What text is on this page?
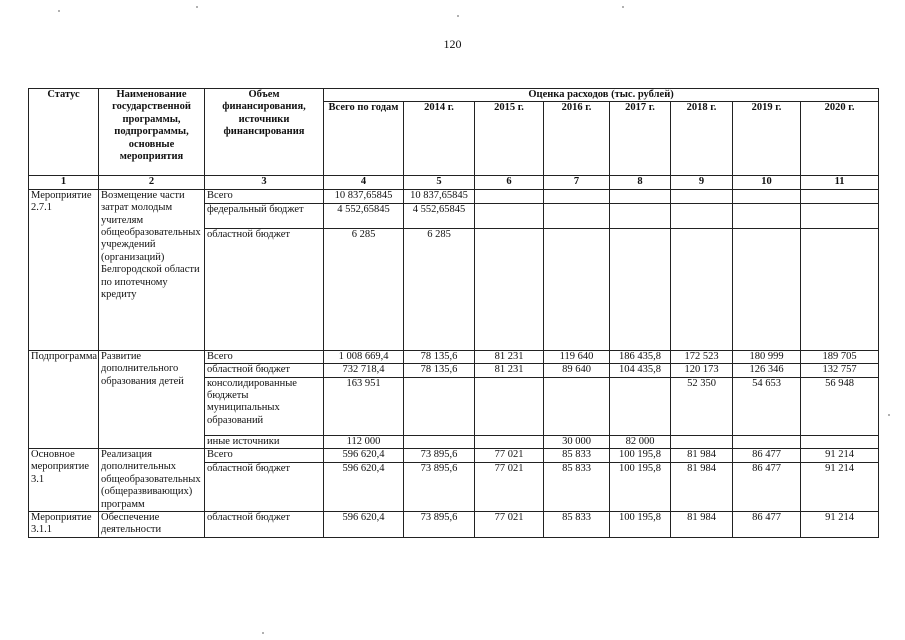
120
Статус	Наименование государственной программы, подпрограммы, основные мероприятия	Объем финансирования, источники финансирования	Оценка расходов (тыс. рублей)							
			Всего по годам	2014 г.	2015 г.	2016 г.	2017 г.	2018 г.	2019 г.	2020 г.
1	2	3	4	5	6	7	8	9	10	11
Мероприятие 2.7.1	Возмещение части затрат молодым учителям общеобразовательных учреждений (организаций) Белгородской области по ипотечному кредиту	Всего	10 837,65845	10 837,65845						
		федеральный бюджет	4 552,65845	4 552,65845						
		областной бюджет	6 285	6 285						
Подпрограмма	Развитие дополнительного образования детей	Всего	1 008 669,4	78 135,6	81 231	119 640	186 435,8	172 523	180 999	189 705
		областной бюджет	732 718,4	78 135,6	81 231	89 640	104 435,8	120 173	126 346	132 757
		консолидированные бюджеты муниципальных образований	163 951					52 350	54 653	56 948
		иные источники	112 000			30 000	82 000			
Основное мероприятие 3.1	Реализация дополнительных общеобразовательных (общеразвивающих) программ	Всего	596 620,4	73 895,6	77 021	85 833	100 195,8	81 984	86 477	91 214
		областной бюджет	596 620,4	73 895,6	77 021	85 833	100 195,8	81 984	86 477	91 214
Мероприятие 3.1.1	Обеспечение деятельности	областной бюджет	596 620,4	73 895,6	77 021	85 833	100 195,8	81 984	86 477	91 214
